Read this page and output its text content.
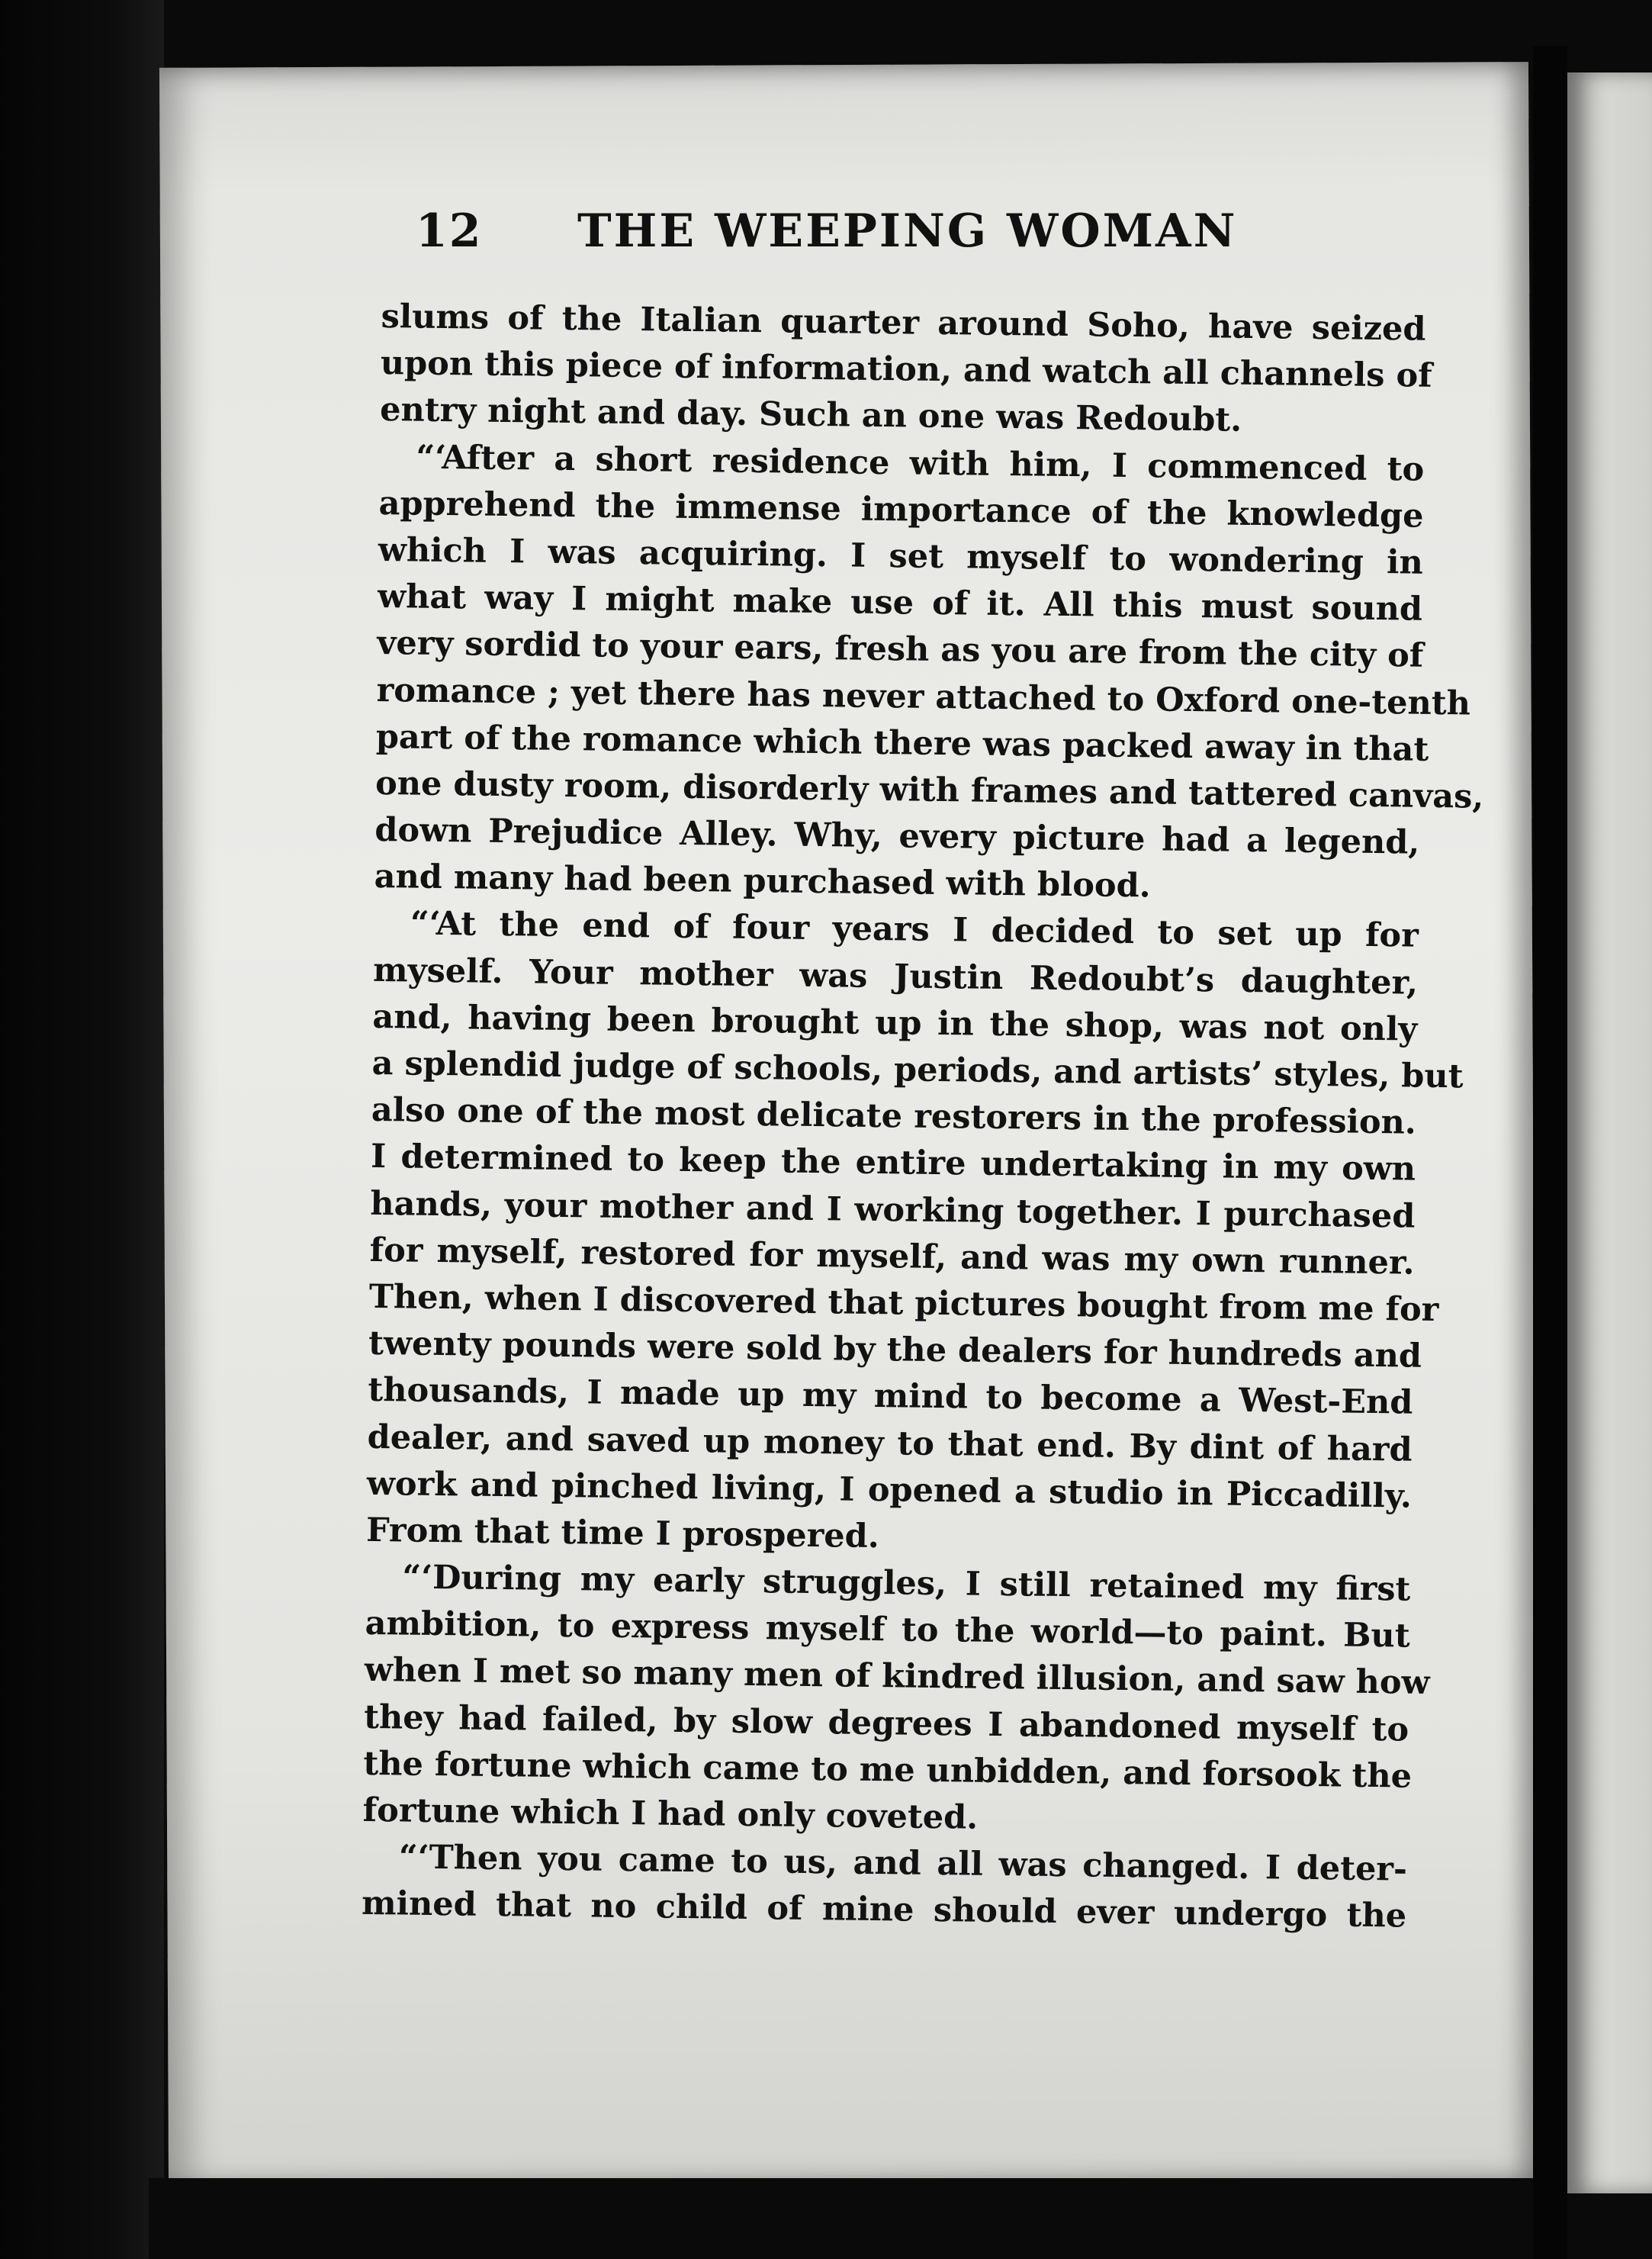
12 THE WEEPING WOMAN
slums of the Italian quarter around Soho, have seized
upon this piece of information, and watch all channels of
entry night and day. Such an one was Redoubt.
“‘After a short residence with him, I commenced to
apprehend the immense importance of the knowledge
which I was acquiring. I set myself to wondering in
what way I might make use of it. All this must sound
very sordid to your ears, fresh as you are from the city of
romance ; yet there has never attached to Oxford one-tenth
part of the romance which there was packed away in that
one dusty room, disorderly with frames and tattered canvas,
down Prejudice Alley. Why, every picture had a legend,
and many had been purchased with blood.
“‘At the end of four years I decided to set up for
myself. Your mother was Justin Redoubt’s daughter,
and, having been brought up in the shop, was not only
a splendid judge of schools, periods, and artists’ styles, but
also one of the most delicate restorers in the profession.
I determined to keep the entire undertaking in my own
hands, your mother and I working together. I purchased
for myself, restored for myself, and was my own runner.
Then, when I discovered that pictures bought from me for
twenty pounds were sold by the dealers for hundreds and
thousands, I made up my mind to become a West-End
dealer, and saved up money to that end. By dint of hard
work and pinched living, I opened a studio in Piccadilly.
From that time I prospered.
“‘During my early struggles, I still retained my first
ambition, to express myself to the world—to paint. But
when I met so many men of kindred illusion, and saw how
they had failed, by slow degrees I abandoned myself to
the fortune which came to me unbidden, and forsook the
fortune which I had only coveted.
“‘Then you came to us, and all was changed. I deter-
mined that no child of mine should ever undergo the
